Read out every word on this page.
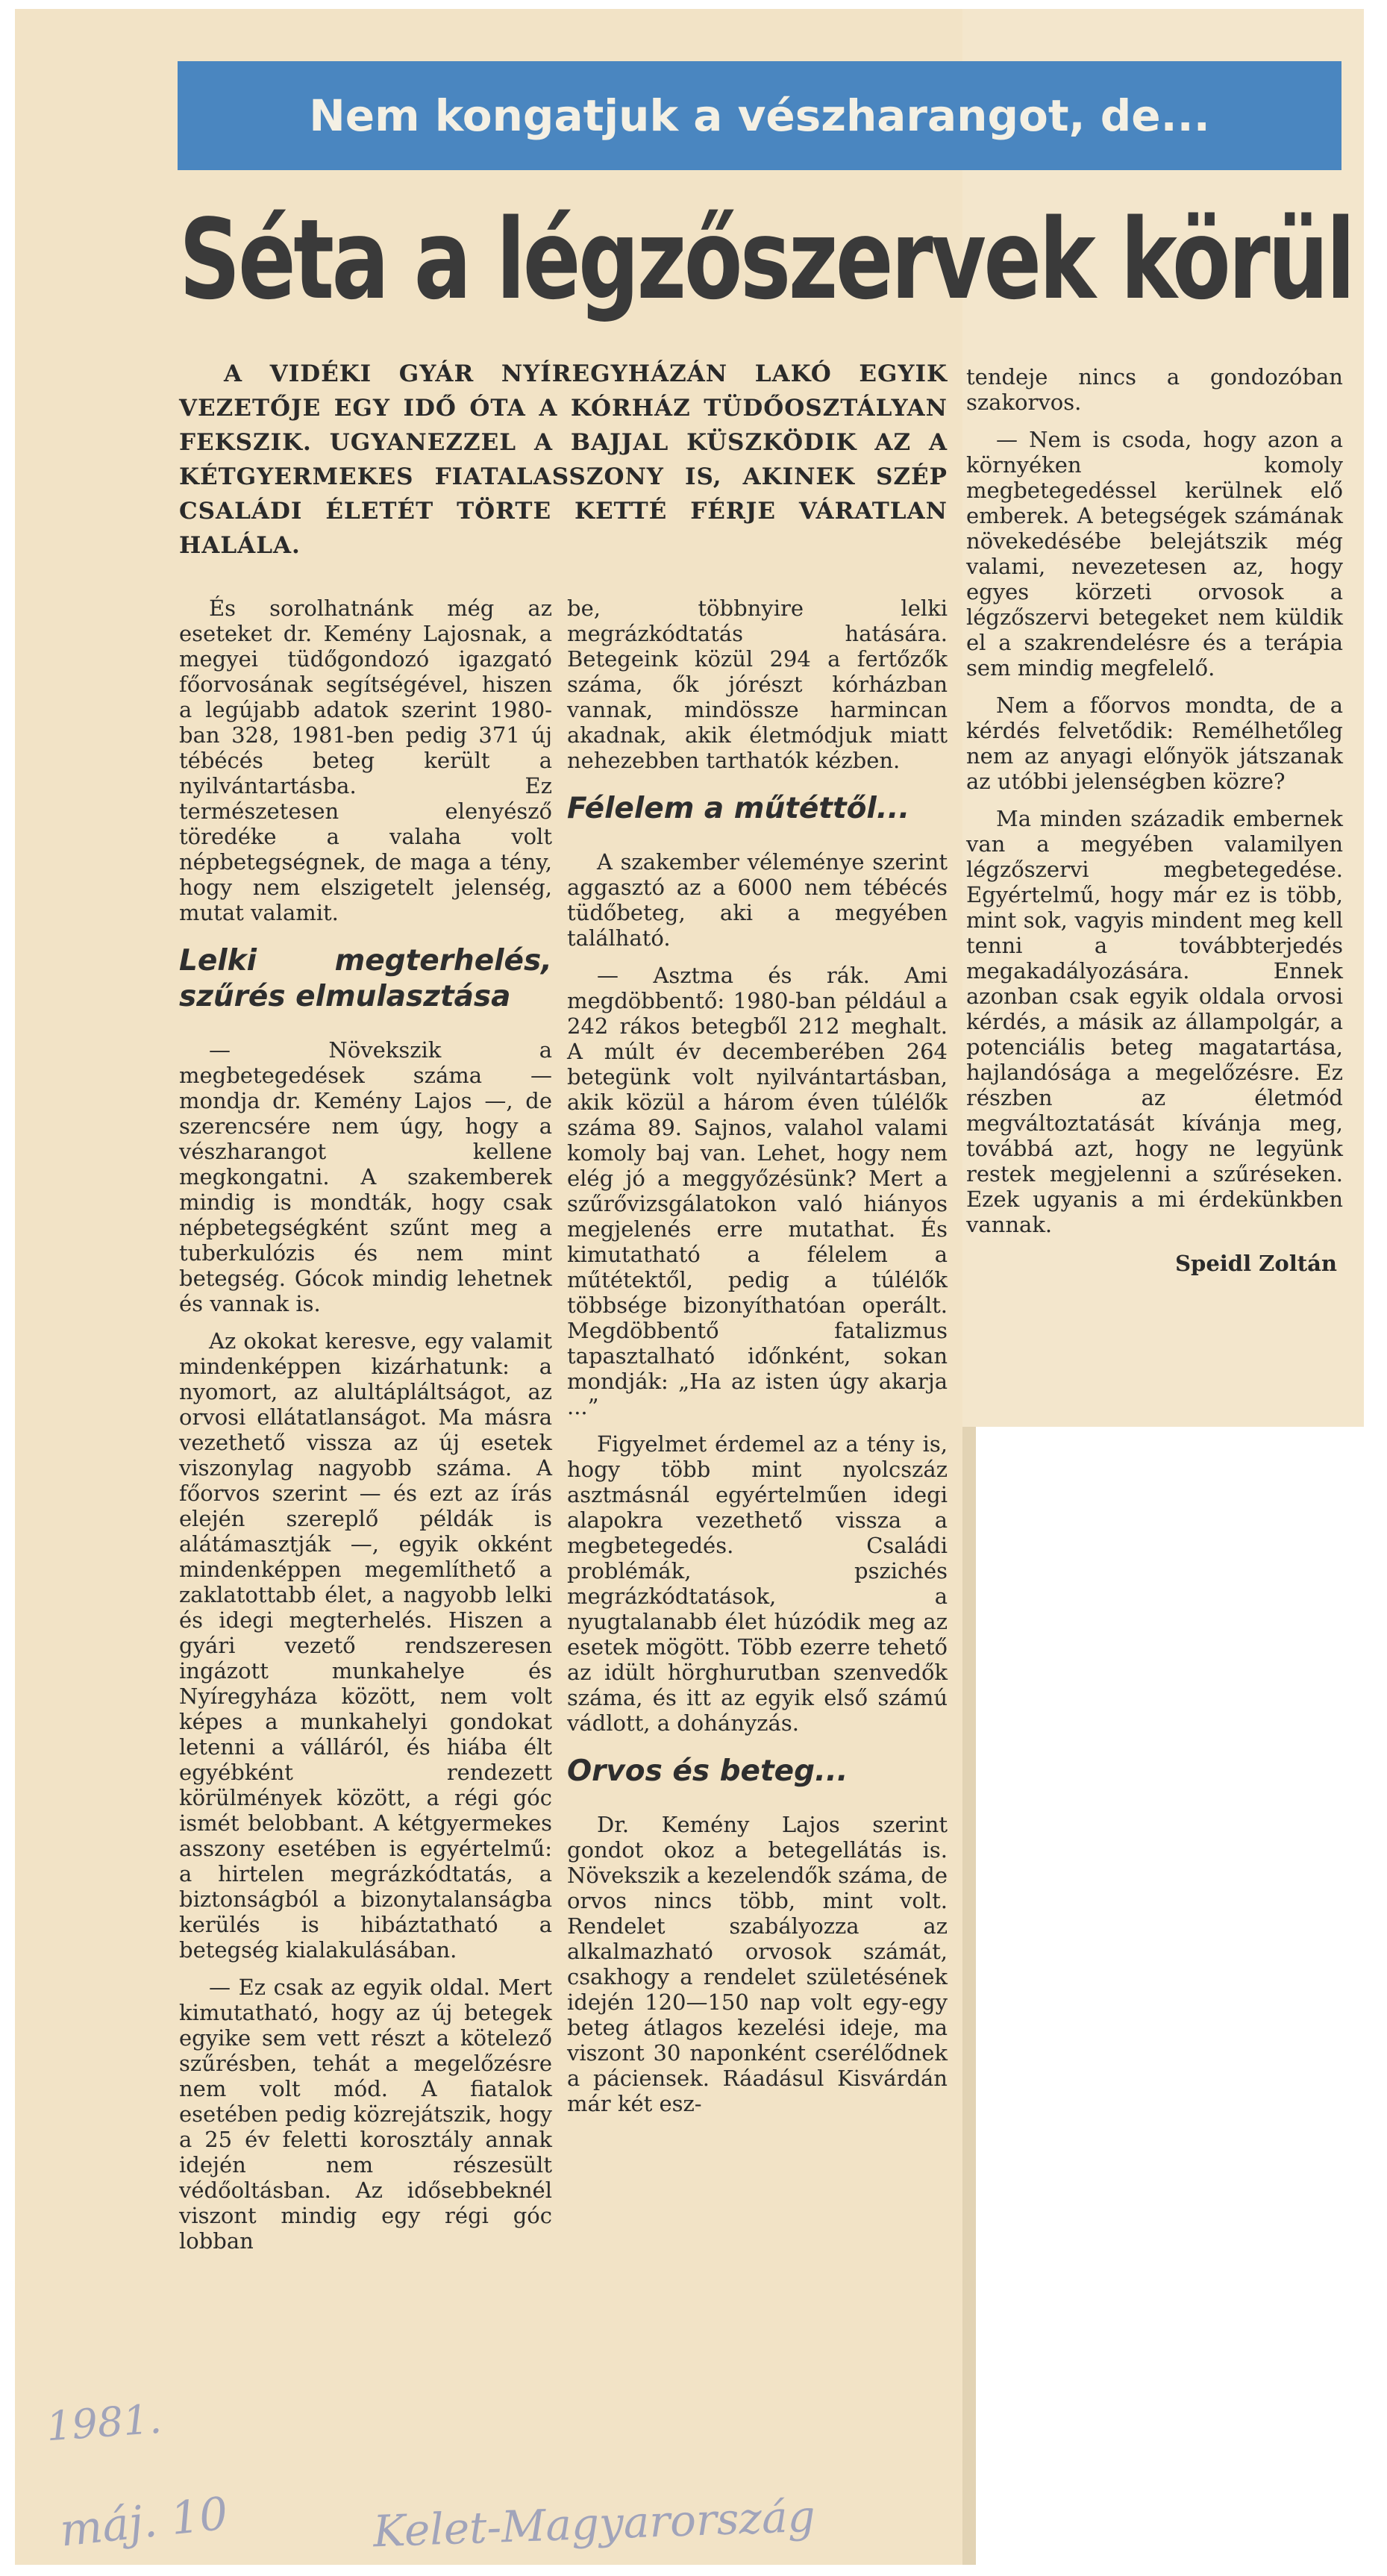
Nem kongatjuk a vészharangot, de...
Séta a légzőszervek körül
A VIDÉKI GYÁR NYÍREGYHÁZÁN LAKÓ EGYIK VEZETŐJE EGY IDŐ ÓTA A KÓRHÁZ TÜDŐOSZTÁLYAN FEKSZIK. UGYANEZZEL A BAJJAL KÜSZKÖDIK AZ A KÉTGYERMEKES FIATALASSZONY IS, AKINEK SZÉP CSALÁDI ÉLETÉT TÖRTE KETTÉ FÉRJE VÁRATLAN HALÁLA.

És sorolhatnánk még az eseteket dr. Kemény Lajosnak, a megyei tüdőgondozó igazgató főorvosának segítségével, hiszen a legújabb adatok szerint 1980-ban 328, 1981-ben pedig 371 új tébécés beteg került a nyilvántartásba. Ez természetesen elenyésző töredéke a valaha volt népbetegségnek, de maga a tény, hogy nem elszigetelt jelenség, mutat valamit.

Lelki megterhelés, szűrés elmulasztása

— Növekszik a megbetegedések száma — mondja dr. Kemény Lajos —, de szerencsére nem úgy, hogy a vészharangot kellene megkongatni. A szakemberek mindig is mondták, hogy csak népbetegségként szűnt meg a tuberkulózis és nem mint betegség. Gócok mindig lehetnek és vannak is.

Az okokat keresve, egy valamit mindenképpen kizárhatunk: a nyomort, az alultápláltságot, az orvosi ellátatlanságot. Ma másra vezethető vissza az új esetek viszonylag nagyobb száma. A főorvos szerint — és ezt az írás elején szereplő példák is alátámasztják —, egyik okként mindenképpen megemlíthető a zaklatottabb élet, a nagyobb lelki és idegi megterhelés. Hiszen a gyári vezető rendszeresen ingázott munkahelye és Nyíregyháza között, nem volt képes a munkahelyi gondokat letenni a válláról, és hiába élt egyébként rendezett körülmények között, a régi góc ismét belobbant. A kétgyermekes asszony esetében is egyértelmű: a hirtelen megrázkódtatás, a biztonságból a bizonytalanságba kerülés is hibáztatható a betegség kialakulásában.

— Ez csak az egyik oldal. Mert kimutatható, hogy az új betegek egyike sem vett részt a kötelező szűrésben, tehát a megelőzésre nem volt mód. A fiatalok esetében pedig közrejátszik, hogy a 25 év feletti korosztály annak idején nem részesült védőoltásban. Az idősebbeknél viszont mindig egy régi góc lobban

be, többnyire lelki megrázkódtatás hatására. Betegeink közül 294 a fertőzők száma, ők jórészt kórházban vannak, mindössze harmincan akadnak, akik életmódjuk miatt nehezebben tarthatók kézben.

Félelem a műtéttől...

A szakember véleménye szerint aggasztó az a 6000 nem tébécés tüdőbeteg, aki a megyében található.

— Asztma és rák. Ami megdöbbentő: 1980-ban például a 242 rákos betegből 212 meghalt. A múlt év decemberében 264 betegünk volt nyilvántartásban, akik közül a három éven túlélők száma 89. Sajnos, valahol valami komoly baj van. Lehet, hogy nem elég jó a meggyőzésünk? Mert a szűrővizsgálatokon való hiányos megjelenés erre mutathat. És kimutatható a félelem a műtétektől, pedig a túlélők többsége bizonyíthatóan operált. Megdöbbentő fatalizmus tapasztalható időnként, sokan mondják: „Ha az isten úgy akarja ...”

Figyelmet érdemel az a tény is, hogy több mint nyolcszáz asztmásnál egyértelműen idegi alapokra vezethető vissza a megbetegedés. Családi problémák, pszichés megrázkódtatások, a nyugtalanabb élet húzódik meg az esetek mögött. Több ezerre tehető az idült hörghurutban szenvedők száma, és itt az egyik első számú vádlott, a dohányzás.

Orvos és beteg...

Dr. Kemény Lajos szerint gondot okoz a betegellátás is. Növekszik a kezelendők száma, de orvos nincs több, mint volt. Rendelet szabályozza az alkalmazható orvosok számát, csakhogy a rendelet születésének idején 120—150 nap volt egy-egy beteg átlagos kezelési ideje, ma viszont 30 naponként cserélődnek a páciensek. Ráadásul Kisvárdán már két esz-

tendeje nincs a gondozóban szakorvos.

— Nem is csoda, hogy azon a környéken komoly megbetegedéssel kerülnek elő emberek. A betegségek számának növekedésébe belejátszik még valami, nevezetesen az, hogy egyes körzeti orvosok a légzőszervi betegeket nem küldik el a szakrendelésre és a terápia sem mindig megfelelő.

Nem a főorvos mondta, de a kérdés felvetődik: Remélhetőleg nem az anyagi előnyök játszanak az utóbbi jelenségben közre?

Ma minden századik embernek van a megyében valamilyen légzőszervi megbetegedése. Egyértelmű, hogy már ez is több, mint sok, vagyis mindent meg kell tenni a továbbterjedés megakadályozására. Ennek azonban csak egyik oldala orvosi kérdés, a másik az állampolgár, a potenciális beteg magatartása, hajlandósága a megelőzésre. Ez részben az életmód megváltoztatását kívánja meg, továbbá azt, hogy ne legyünk restek megjelenni a szűréseken. Ezek ugyanis a mi érdekünkben vannak.

Speidl Zoltán
1981.
máj. 10	Kelet-Magyarország
